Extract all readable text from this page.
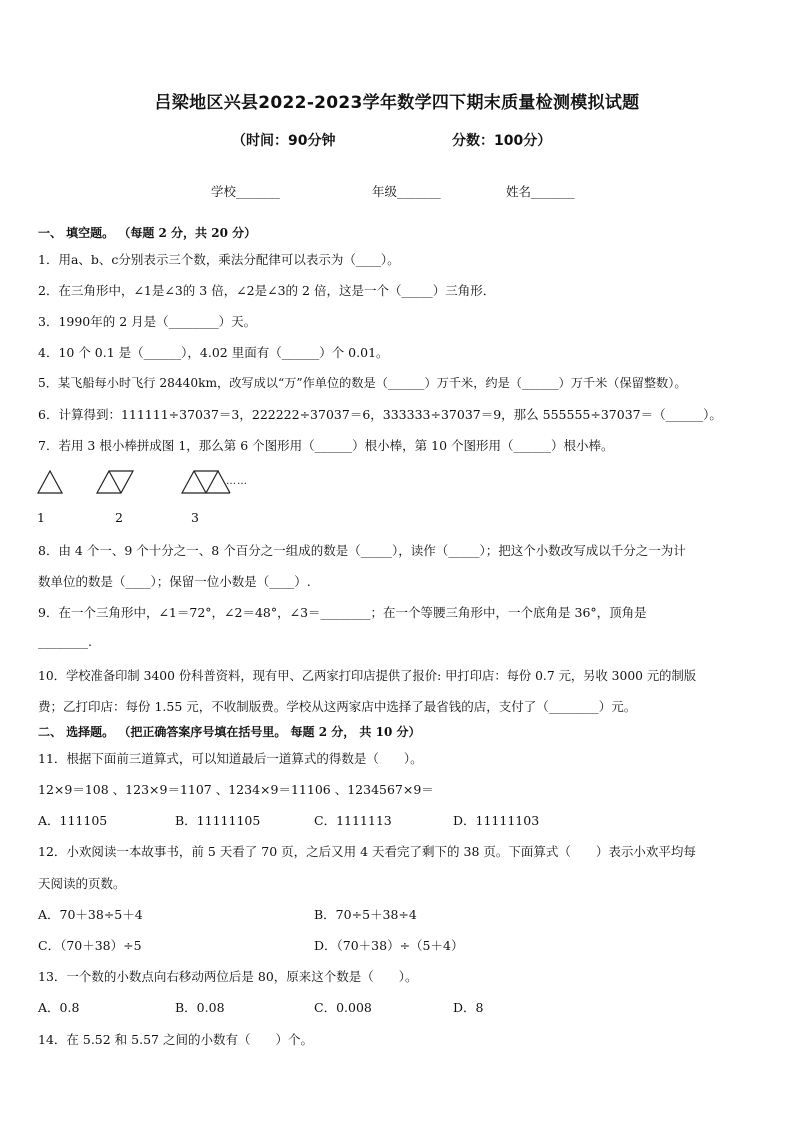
吕梁地区兴县2022-2023学年数学四下期末质量检测模拟试题
（时间：90分钟	分数：100分）
学校_______	年级_______	姓名_______
一、 填空题。 （每题 2 分，共 20 分）
1．用a、b、c分别表示三个数，乘法分配律可以表示为（____）。
2．在三角形中，∠1是∠3的 3 倍，∠2是∠3的 2 倍，这是一个（_____）三角形．
3．1990年的 2 月是（________）天。
4．10 个 0.1 是（______），4.02 里面有（______）个 0.01。
5．某飞船每小时飞行 28440km，改写成以“万”作单位的数是（______）万千米，约是（______）万千米（保留整数）。
6．计算得到：111111÷37037＝3，222222÷37037＝6，333333÷37037＝9，那么 555555÷37037＝（______）。
7．若用 3 根小棒拼成图 1，那么第 6 个图形用（______）根小棒，第 10 个图形用（______）根小棒。
……
1	2	3
8．由 4 个一、9 个十分之一、8 个百分之一组成的数是（_____），读作（_____）；把这个小数改写成以千分之一为计
数单位的数是（____）；保留一位小数是（____）.
9．在一个三角形中，∠1＝72°，∠2＝48°，∠3＝________；在一个等腰三角形中，一个底角是 36°，顶角是
________.
10．学校准备印制 3400 份科普资料，现有甲、乙两家打印店提供了报价: 甲打印店：每份 0.7 元，另收 3000 元的制版
费；乙打印店：每份 1.55 元，不收制版费。学校从这两家店中选择了最省钱的店，支付了（________）元。
二、 选择题。 （把正确答案序号填在括号里。 每题 2 分， 共 10 分）
11．根据下面前三道算式，可以知道最后一道算式的得数是（　　）。
12×9＝108 、123×9＝1107 、1234×9＝11106 、1234567×9＝
A．111105	B．11111105	C．1111113	D．11111103
12．小欢阅读一本故事书，前 5 天看了 70 页，之后又用 4 天看完了剩下的 38 页。下面算式（　　）表示小欢平均每
天阅读的页数。
A．70＋38÷5＋4	B．70÷5＋38÷4
C．（70＋38）÷5	D．（70＋38）÷（5＋4）
13．一个数的小数点向右移动两位后是 80，原来这个数是（　　）。
A．0.8	B．0.08	C．0.008	D．8
14．在 5.52 和 5.57 之间的小数有（　　）个。
